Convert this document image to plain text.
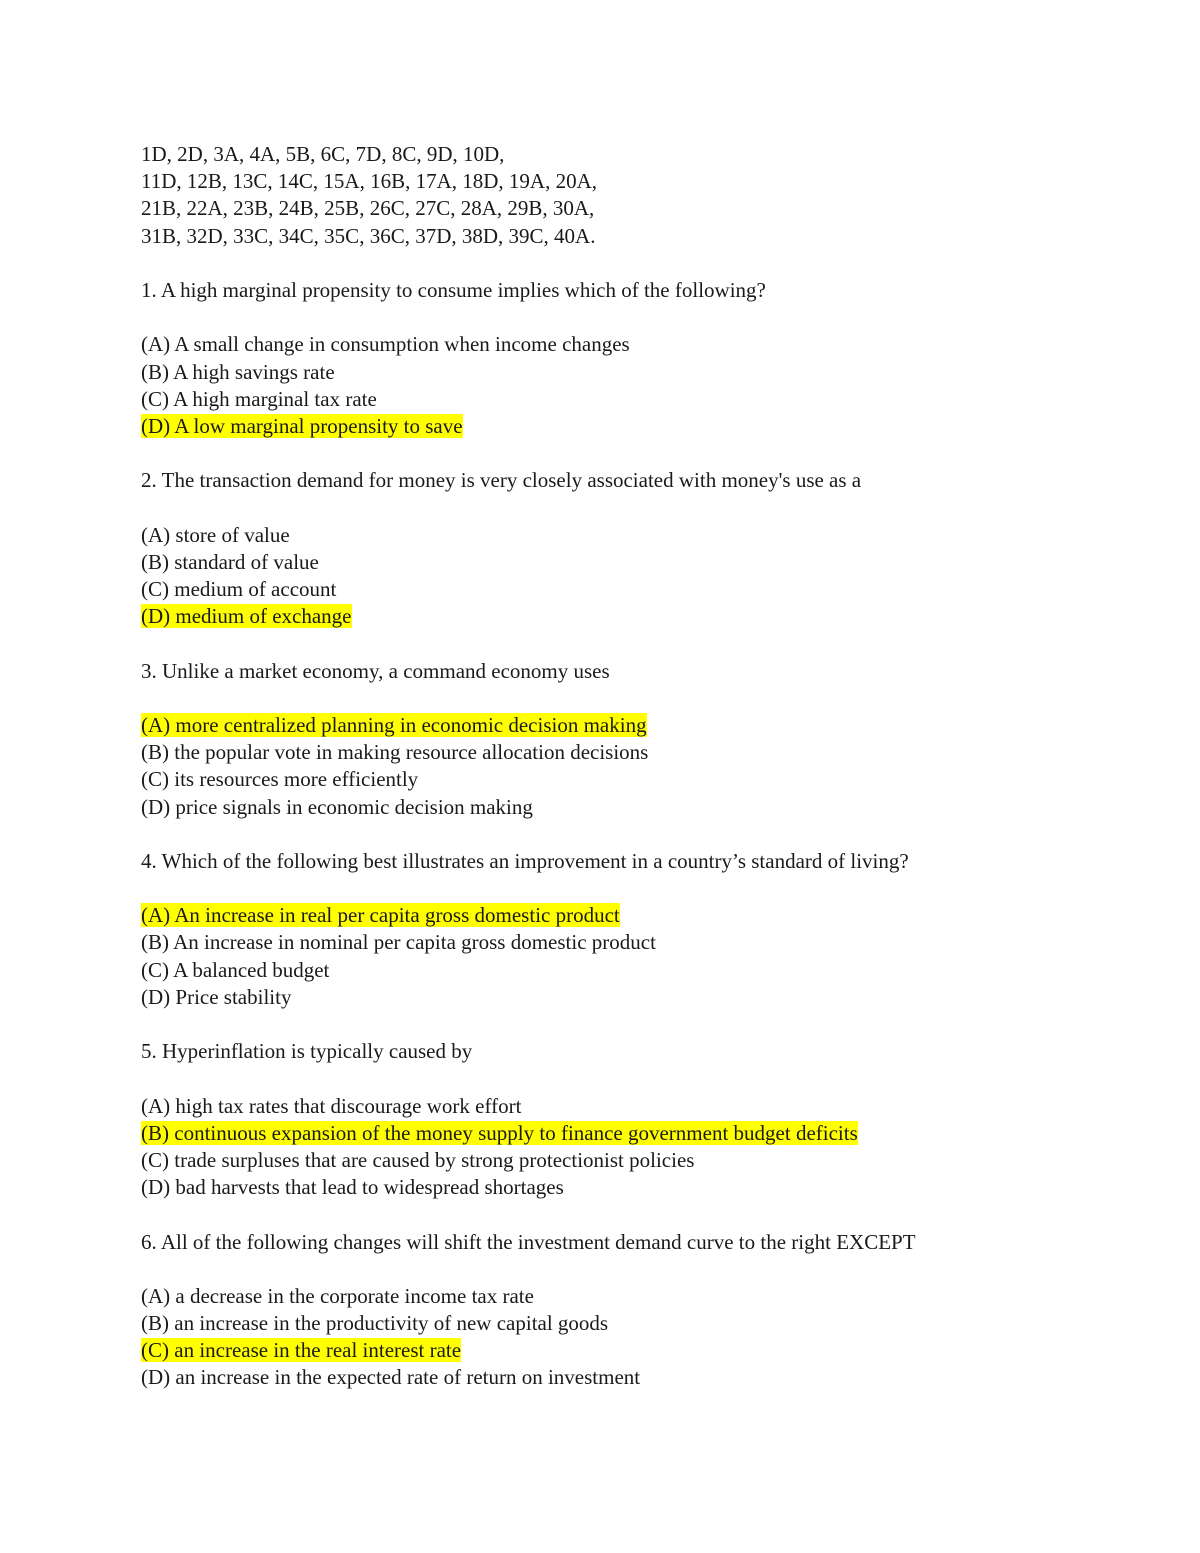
1D, 2D, 3A, 4A, 5B, 6C, 7D, 8C, 9D, 10D,
11D, 12B, 13C, 14C, 15A, 16B, 17A, 18D, 19A, 20A,
21B, 22A, 23B, 24B, 25B, 26C, 27C, 28A, 29B, 30A,
31B, 32D, 33C, 34C, 35C, 36C, 37D, 38D, 39C, 40A.
1. A high marginal propensity to consume implies which of the following?
(A) A small change in consumption when income changes
(B) A high savings rate
(C) A high marginal tax rate
(D) A low marginal propensity to save
2. The transaction demand for money is very closely associated with money's use as a
(A) store of value
(B) standard of value
(C) medium of account
(D) medium of exchange
3. Unlike a market economy, a command economy uses
(A) more centralized planning in economic decision making
(B) the popular vote in making resource allocation decisions
(C) its resources more efficiently
(D) price signals in economic decision making
4. Which of the following best illustrates an improvement in a country’s standard of living?
(A) An increase in real per capita gross domestic product
(B) An increase in nominal per capita gross domestic product
(C) A balanced budget
(D) Price stability
5. Hyperinflation is typically caused by
(A) high tax rates that discourage work effort
(B) continuous expansion of the money supply to finance government budget deficits
(C) trade surpluses that are caused by strong protectionist policies
(D) bad harvests that lead to widespread shortages
6. All of the following changes will shift the investment demand curve to the right EXCEPT
(A) a decrease in the corporate income tax rate
(B) an increase in the productivity of new capital goods
(C) an increase in the real interest rate
(D) an increase in the expected rate of return on investment
